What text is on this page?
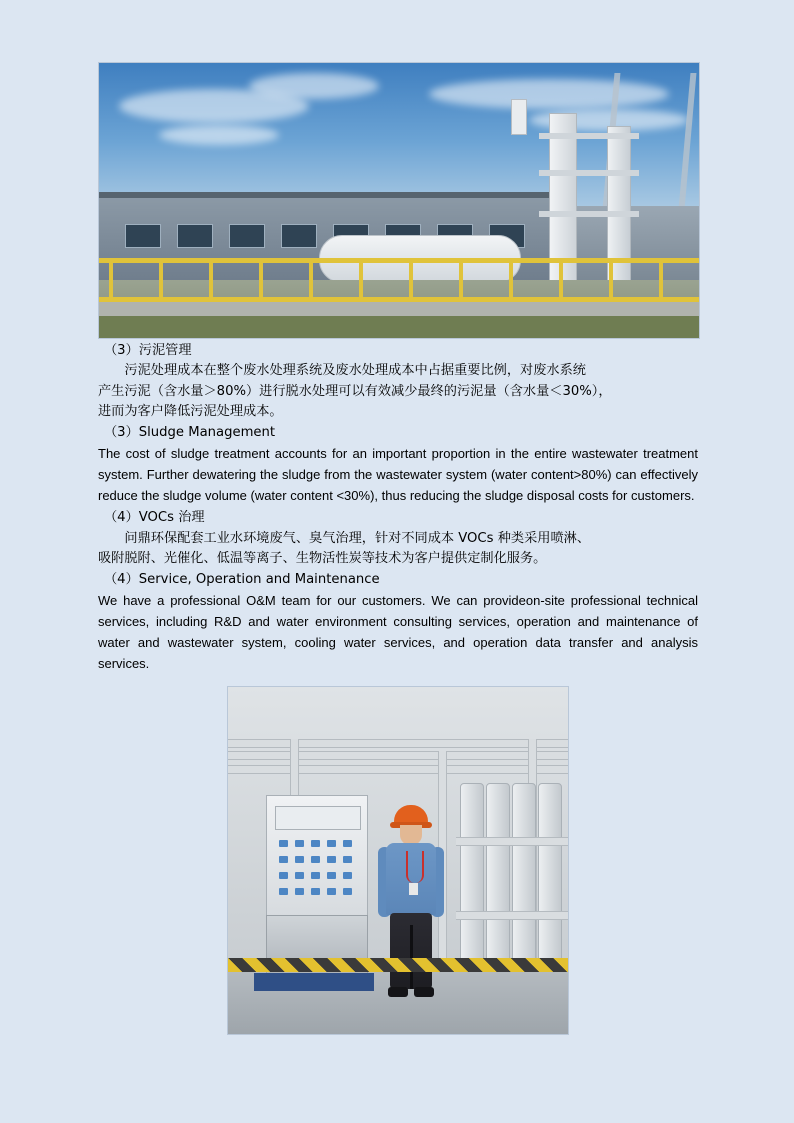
（3）污泥管理

污泥处理成本在整个废水处理系统及废水处理成本中占据重要比例，对废水系统

产生污泥（含水量＞80%）进行脱水处理可以有效减少最终的污泥量（含水量＜30%），

进而为客户降低污泥处理成本。

（3）Sludge Management

The cost of sludge treatment accounts for an important proportion in the entire wastewater treatment system. Further dewatering the sludge from the wastewater system (water content>80%) can effectively reduce the sludge volume (water content <30%), thus reducing the sludge disposal costs for customers.

（4）VOCs 治理

问鼎环保配套工业水环境废气、臭气治理，针对不同成本 VOCs 种类采用喷淋、

吸附脱附、光催化、低温等离子、生物活性炭等技术为客户提供定制化服务。

（4）Service, Operation and Maintenance

We have a professional O&M team for our customers. We can provideon-site professional technical services, including R&D and water environment consulting services, operation and maintenance of water and wastewater system, cooling water services, and operation data transfer and analysis services.
